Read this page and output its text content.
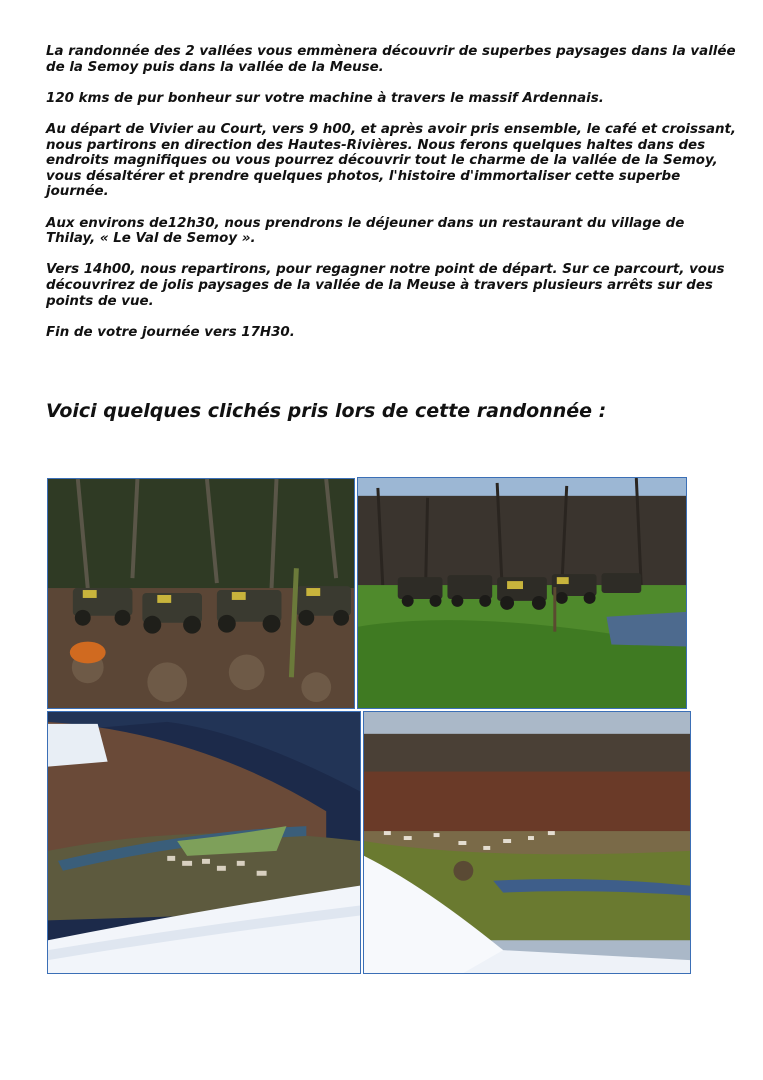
La randonnée des 2 vallées vous emmènera découvrir de superbes paysages dans la vallée de la Semoy puis dans la vallée de la Meuse.

120 kms de pur bonheur sur votre machine à travers le massif Ardennais.

Au départ de Vivier au Court, vers 9 h00, et après avoir pris ensemble, le café et croissant, nous partirons en direction des Hautes-Rivières. Nous ferons quelques haltes dans des endroits magnifiques ou vous pourrez découvrir tout le charme de la vallée de la Semoy, vous désaltérer et prendre quelques photos, l'histoire d'immortaliser cette superbe journée.

Aux environs de12h30, nous prendrons le déjeuner dans un restaurant du village de Thilay, « Le Val de Semoy ».

Vers 14h00, nous repartirons, pour regagner notre point de départ. Sur ce parcourt, vous découvrirez de jolis paysages de la vallée de la Meuse à travers plusieurs arrêts sur des points de vue.

Fin de votre journée vers 17H30.

Voici quelques clichés pris lors de cette randonnée :
